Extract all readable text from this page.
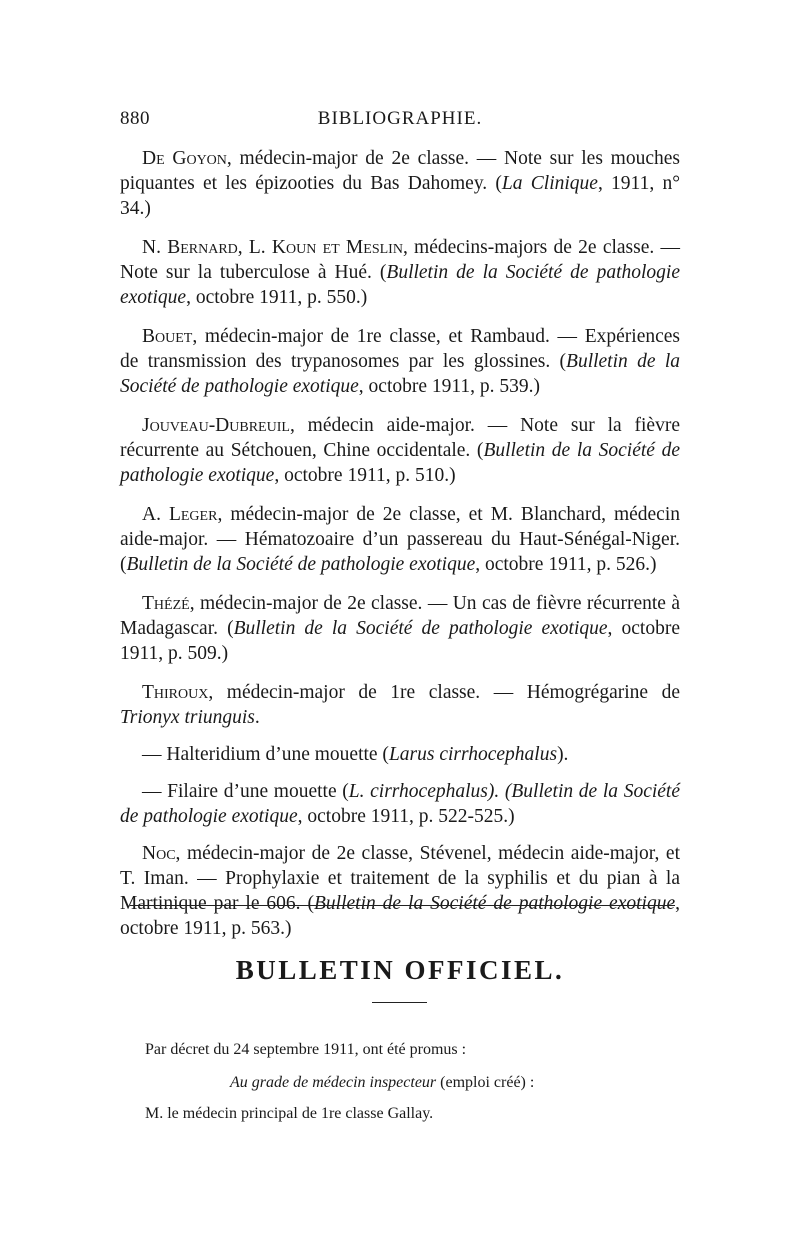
880	BIBLIOGRAPHIE.

De Goyon, médecin-major de 2e classe. — Note sur les mouches piquantes et les épizooties du Bas Dahomey. (La Clinique, 1911, n° 34.)

N. Bernard, L. Koun et Meslin, médecins-majors de 2e classe. — Note sur la tuberculose à Hué. (Bulletin de la Société de pathologie exotique, octobre 1911, p. 550.)

Bouet, médecin-major de 1re classe, et Rambaud. — Expériences de transmission des trypanosomes par les glossines. (Bulletin de la Société de pathologie exotique, octobre 1911, p. 539.)

Jouveau-Dubreuil, médecin aide-major. — Note sur la fièvre récurrente au Sétchouen, Chine occidentale. (Bulletin de la Société de pathologie exotique, octobre 1911, p. 510.)

A. Leger, médecin-major de 2e classe, et M. Blanchard, médecin aide-major. — Hématozoaire d’un passereau du Haut-Sénégal-Niger. (Bulletin de la Société de pathologie exotique, octobre 1911, p. 526.)

Thézé, médecin-major de 2e classe. — Un cas de fièvre récurrente à Madagascar. (Bulletin de la Société de pathologie exotique, octobre 1911, p. 509.)

Thiroux, médecin-major de 1re classe. — Hémogrégarine de Trionyx triunguis.

— Halteridium d’une mouette (Larus cirrhocephalus).

— Filaire d’une mouette (L. cirrhocephalus). (Bulletin de la Société de pathologie exotique, octobre 1911, p. 522-525.)

Noc, médecin-major de 2e classe, Stévenel, médecin aide-major, et T. Iman. — Prophylaxie et traitement de la syphilis et du pian à la Martinique par le 606. (Bulletin de la Société de pathologie exotique, octobre 1911, p. 563.)

BULLETIN OFFICIEL.
Par décret du 24 septembre 1911, ont été promus :
Au grade de médecin inspecteur (emploi créé) :
M. le médecin principal de 1re classe Gallay.
